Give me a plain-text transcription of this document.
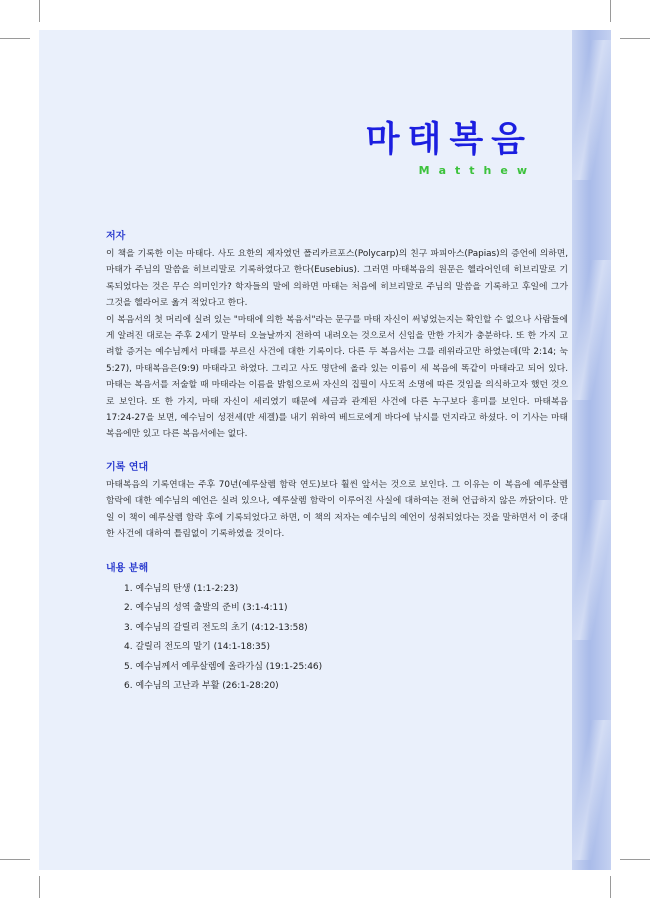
마태복음
Matthew
저자

이 책을 기록한 이는 마태다. 사도 요한의 제자였던 폴리카르포스(Polycarp)의 친구 파피아스(Papias)의 증언에 의하면, 마태가 주님의 말씀을 히브리말로 기록하였다고 한다(Eusebius). 그러면 마태복음의 원문은 헬라어인데 히브리말로 기록되었다는 것은 무슨 의미인가? 학자들의 말에 의하면 마태는 처음에 히브리말로 주님의 말씀을 기록하고 후일에 그가 그것을 헬라어로 옮겨 적었다고 한다.

이 복음서의 첫 머리에 실려 있는 "마태에 의한 복음서"라는 문구를 마태 자신이 써넣었는지는 확인할 수 없으나 사람들에게 알려진 대로는 주후 2세기 말부터 오늘날까지 전하여 내려오는 것으로서 신임을 만한 가치가 충분하다. 또 한 가지 고려할 증거는 예수님께서 마태를 부르신 사건에 대한 기록이다. 다른 두 복음서는 그를 레위라고만 하였는데(막 2:14; 눅 5:27), 마태복음은(9:9) 마태라고 하였다. 그리고 사도 명단에 올라 있는 이름이 세 복음에 똑같이 마태라고 되어 있다. 마태는 복음서를 저술할 때 마태라는 이름을 밝힘으로써 자신의 집필이 사도적 소명에 따른 것임을 의식하고자 했던 것으로 보인다. 또 한 가지, 마태 자신이 세리였기 때문에 세금과 관계된 사건에 다른 누구보다 흥미를 보인다. 마태복음 17:24-27을 보면, 예수님이 성전세(반 세겔)를 내기 위하여 베드로에게 바다에 낚시를 던지라고 하셨다. 이 기사는 마태복음에만 있고 다른 복음서에는 없다.

기록 연대

마태복음의 기록연대는 주후 70년(예루살렘 함락 연도)보다 훨씬 앞서는 것으로 보인다. 그 이유는 이 복음에 예루살렘 함락에 대한 예수님의 예언은 실려 있으나, 예루살렘 함락이 이루어진 사실에 대하여는 전혀 언급하지 않은 까닭이다. 만일 이 책이 예루살렘 함락 후에 기록되었다고 하면, 이 책의 저자는 예수님의 예언이 성취되었다는 것을 말하면서 이 중대한 사건에 대하여 틀림없이 기록하였을 것이다.

내용 분해
1. 예수님의 탄생 (1:1-2:23)
2. 예수님의 성역 출발의 준비 (3:1-4:11)
3. 예수님의 갈릴리 전도의 초기 (4:12-13:58)
4. 갈릴리 전도의 말기 (14:1-18:35)
5. 예수님께서 예루살렘에 올라가심 (19:1-25:46)
6. 예수님의 고난과 부활 (26:1-28:20)
